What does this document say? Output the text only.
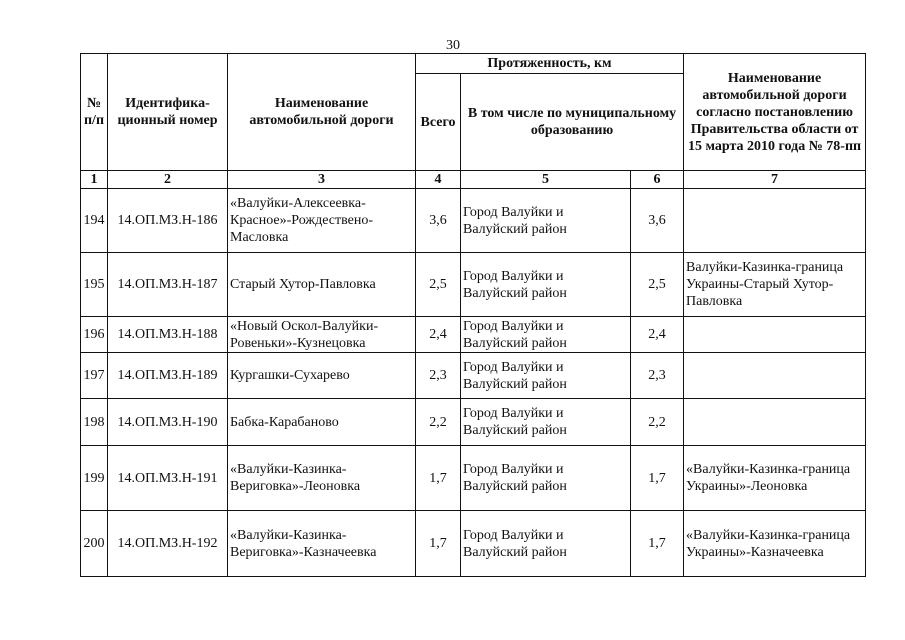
30
№ п/п	Идентифика-ционный номер	Наименование автомобильной дороги	Протяженность, км			Наименование автомобильной дороги согласно постановлению Правительства области от 15 марта 2010 года № 78-пп
			Всего	В том числе по муниципальному образованию		
1	2	3	4	5	6	7
194	14.ОП.МЗ.Н-186	«Валуйки-Алексеевка-Красное»-Рождествено-Масловка	3,6	Город Валуйки и Валуйский район	3,6	
195	14.ОП.МЗ.Н-187	Старый Хутор-Павловка	2,5	Город Валуйки и Валуйский район	2,5	Валуйки-Казинка-граница Украины-Старый Хутор-Павловка
196	14.ОП.МЗ.Н-188	«Новый Оскол-Валуйки-Ровеньки»-Кузнецовка	2,4	Город Валуйки и Валуйский район	2,4	
197	14.ОП.МЗ.Н-189	Кургашки-Сухарево	2,3	Город Валуйки и Валуйский район	2,3	
198	14.ОП.МЗ.Н-190	Бабка-Карабаново	2,2	Город Валуйки и Валуйский район	2,2	
199	14.ОП.МЗ.Н-191	«Валуйки-Казинка-Вериговка»-Леоновка	1,7	Город Валуйки и Валуйский район	1,7	«Валуйки-Казинка-граница Украины»-Леоновка
200	14.ОП.МЗ.Н-192	«Валуйки-Казинка-Вериговка»-Казначеевка	1,7	Город Валуйки и Валуйский район	1,7	«Валуйки-Казинка-граница Украины»-Казначеевка
